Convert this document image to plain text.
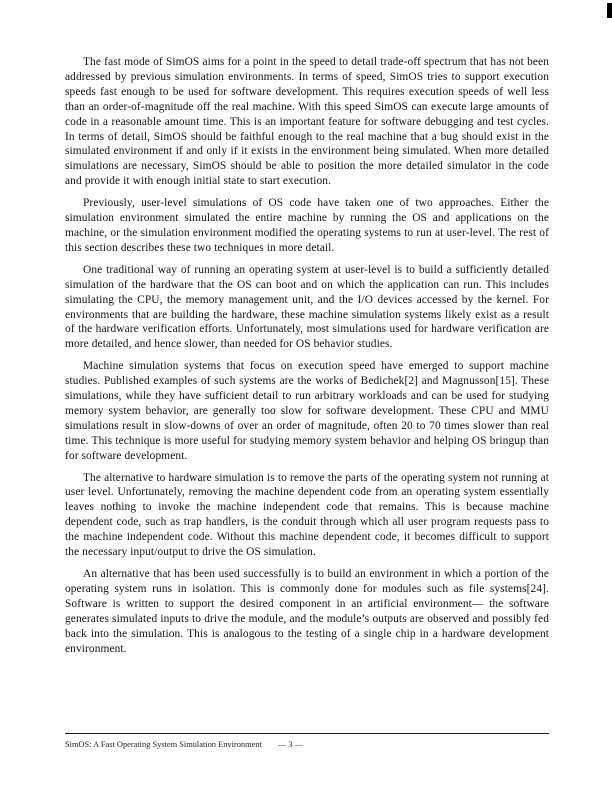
The fast mode of SimOS aims for a point in the speed to detail trade-off spectrum that has not been addressed by previous simulation environments. In terms of speed, SimOS tries to support execution speeds fast enough to be used for software development. This requires execution speeds of well less than an order-of-magnitude off the real machine. With this speed SimOS can execute large amounts of code in a reasonable amount time. This is an important feature for software debugging and test cycles. In terms of detail, SimOS should be faithful enough to the real machine that a bug should exist in the simulated environment if and only if it exists in the environment being simulated. When more detailed simulations are necessary, SimOS should be able to position the more detailed simulator in the code and provide it with enough initial state to start execution.

Previously, user-level simulations of OS code have taken one of two approaches. Either the simulation environment simulated the entire machine by running the OS and applications on the machine, or the simulation environment modified the operating systems to run at user-level. The rest of this section describes these two techniques in more detail.

One traditional way of running an operating system at user-level is to build a sufficiently detailed simulation of the hardware that the OS can boot and on which the application can run. This includes simulating the CPU, the memory management unit, and the I/O devices accessed by the kernel. For environments that are building the hardware, these machine simulation systems likely exist as a result of the hardware verification efforts. Unfortunately, most simulations used for hardware verification are more detailed, and hence slower, than needed for OS behavior studies.

Machine simulation systems that focus on execution speed have emerged to support machine studies. Published examples of such systems are the works of Bedichek[2] and Magnusson[15]. These simulations, while they have sufficient detail to run arbitrary workloads and can be used for studying memory system behavior, are generally too slow for software development. These CPU and MMU simulations result in slow-downs of over an order of magnitude, often 20 to 70 times slower than real time. This technique is more useful for studying memory system behavior and helping OS bringup than for software development.

The alternative to hardware simulation is to remove the parts of the operating system not running at user level. Unfortunately, removing the machine dependent code from an operating system essentially leaves nothing to invoke the machine independent code that remains. This is because machine dependent code, such as trap handlers, is the conduit through which all user program requests pass to the machine independent code. Without this machine dependent code, it becomes difficult to support the necessary input/output to drive the OS simulation.

An alternative that has been used successfully is to build an environment in which a portion of the operating system runs in isolation. This is commonly done for modules such as file systems[24]. Software is written to support the desired component in an artificial environment— the software generates simulated inputs to drive the module, and the module’s outputs are observed and possibly fed back into the simulation. This is analogous to the testing of a single chip in a hardware development environment.

SimOS: A Fast Operating System Simulation Environment — 3 —
